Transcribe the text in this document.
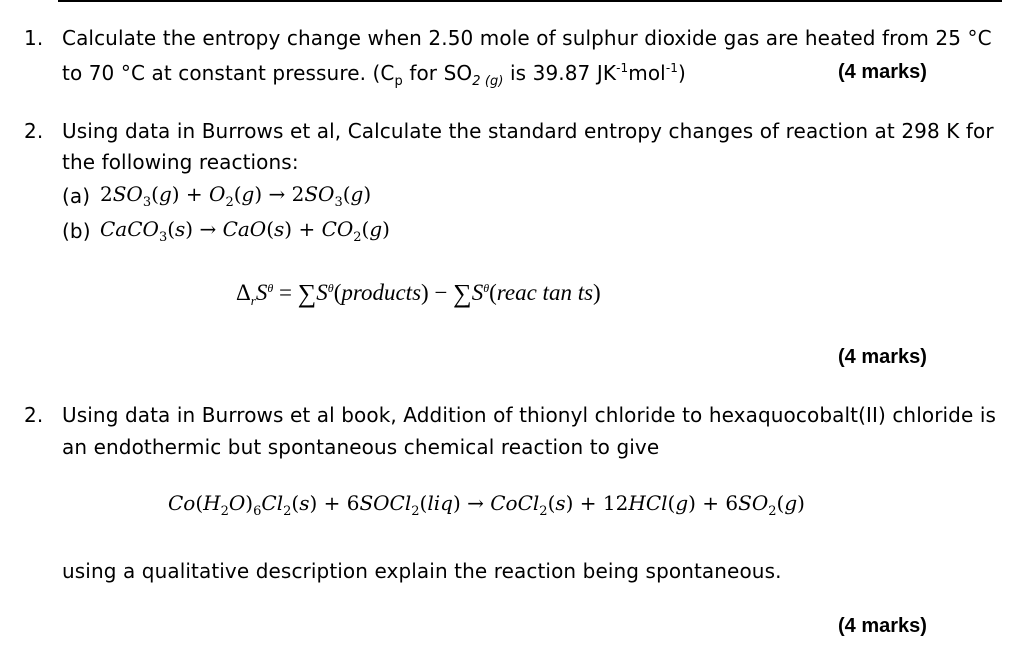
1. Calculate the entropy change when 2.50 mole of sulphur dioxide gas are heated from 25 °C
to 70 °C at constant pressure. ($C_p$ for $SO_{2 (g)}$ is 39.87 $JK^{-1}mol^{-1}$)	(4 marks)
2. Using data in Burrows et al, Calculate the standard entropy changes of reaction at 298 K for
the following reactions:
(a) $2SO_3(g) + O_2(g) \to 2SO_3(g)$
(b) CaCO$_3$(s) → $CaO(s) + CO_2(g)$
$\Delta_rS^\theta$ = $\sum S^\theta(products)$ − $\sum S^\theta(reac$ tan ts)
(4 marks)
2. Using data in Burrows et al book, Addition of thionyl chloride to hexaquocobalt(II) chloride is
an endothermic but spontaneous chemical reaction to give
$Co(H_2O)_6Cl_2(s)$ + 6SOCl$_2$(liq) → CoCl$_2$(s) + $12HCl(g) + 6SO_2(g)$
using a qualitative description explain the reaction being spontaneous.
(4 marks)
